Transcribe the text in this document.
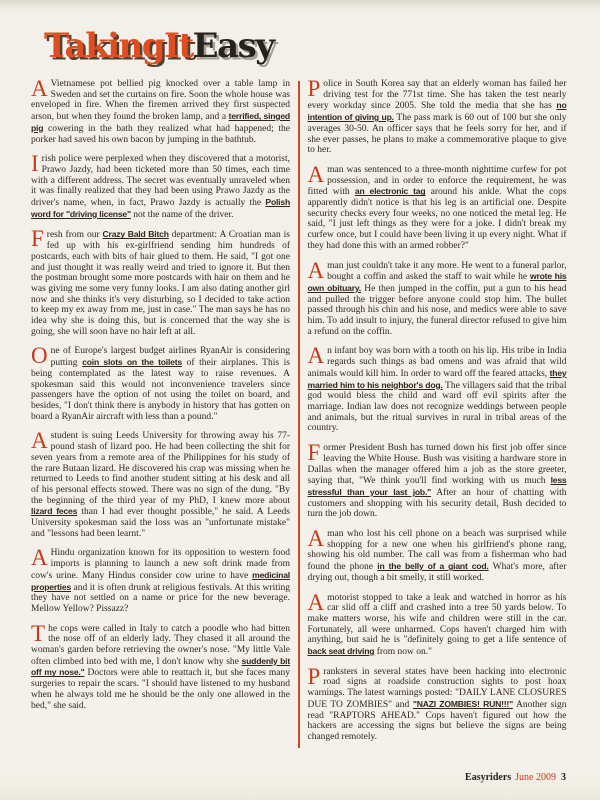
TakingItEasy

A Vietnamese pot bellied pig knocked over a table lamp in Sweden and set the curtains on fire. Soon the whole house was enveloped in fire. When the firemen arrived they first suspected arson, but when they found the broken lamp, and a terrified, singed pig cowering in the bath they realized what had happened; the porker had saved his own bacon by jumping in the bathtub.

Irish police were perplexed when they discovered that a motorist, Prawo Jazdy, had been ticketed more than 50 times, each time with a different address. The secret was eventually unraveled when it was finally realized that they had been using Prawo Jazdy as the driver's name, when, in fact, Prawo Jazdy is actually the Polish word for "driving license" not the name of the driver.

Fresh from our Crazy Bald Bitch department: A Croatian man is fed up with his ex-girlfriend sending him hundreds of postcards, each with bits of hair glued to them. He said, "I got one and just thought it was really weird and tried to ignore it. But then the postman brought some more postcards with hair on them and he was giving me some very funny looks. I am also dating another girl now and she thinks it's very disturbing, so I decided to take action to keep my ex away from me, just in case." The man says he has no idea why she is doing this, but is concerned that the way she is going, she will soon have no hair left at all.

One of Europe's largest budget airlines RyanAir is considering putting coin slots on the toilets of their airplanes. This is being contemplated as the latest way to raise revenues. A spokesman said this would not inconvenience travelers since passengers have the option of not using the toilet on board, and besides, "I don't think there is anybody in history that has gotten on board a RyanAir aircraft with less than a pound."

Astudent is suing Leeds University for throwing away his 77-pound stash of lizard poo. He had been collecting the shit for seven years from a remote area of the Philippines for his study of the rare Butaan lizard. He discovered his crap was missing when he returned to Leeds to find another student sitting at his desk and all of his personal effects stowed. There was no sign of the dung. "By the beginning of the third year of my PhD, I knew more about lizard feces than I had ever thought possible," he said. A Leeds University spokesman said the loss was an "unfortunate mistake" and "lessons had been learnt."

A Hindu organization known for its opposition to western food imports is planning to launch a new soft drink made from cow's urine. Many Hindus consider cow urine to have medicinal properties and it is often drunk at religious festivals. At this writing they have not settled on a name or price for the new beverage. Mellow Yellow? Pissazz?

The cops were called in Italy to catch a poodle who had bitten the nose off of an elderly lady. They chased it all around the woman's garden before retrieving the owner's nose. "My little Vale often climbed into bed with me, I don't know why she suddenly bit off my nose." Doctors were able to reattach it, but she faces many surgeries to repair the scars. "I should have listened to my husband when he always told me he should be the only one allowed in the bed," she said.

Police in South Korea say that an elderly woman has failed her driving test for the 771st time. She has taken the test nearly every workday since 2005. She told the media that she has no intention of giving up. The pass mark is 60 out of 100 but she only averages 30-50. An officer says that he feels sorry for her, and if she ever passes, he plans to make a commemorative plaque to give to her.

Aman was sentenced to a three-month nighttime curfew for pot possession, and in order to enforce the requirement, he was fitted with an electronic tag around his ankle. What the cops apparently didn't notice is that his leg is an artificial one. Despite security checks every four weeks, no one noticed the metal leg. He said, "I just left things as they were for a joke. I didn't break my curfew once, but I could have been living it up every night. What if they had done this with an armed robber?"

Aman just couldn't take it any more. He went to a funeral parlor, bought a coffin and asked the staff to wait while he wrote his own obituary. He then jumped in the coffin, put a gun to his head and pulled the trigger before anyone could stop him. The bullet passed through his chin and his nose, and medics were able to save him. To add insult to injury, the funeral director refused to give him a refund on the coffin.

An infant boy was born with a tooth on his lip. His tribe in India regards such things as bad omens and was afraid that wild animals would kill him. In order to ward off the feared attacks, they married him to his neighbor's dog. The villagers said that the tribal god would bless the child and ward off evil spirits after the marriage. Indian law does not recognize weddings between people and animals, but the ritual survives in rural in tribal areas of the country.

Former President Bush has turned down his first job offer since leaving the White House. Bush was visiting a hardware store in Dallas when the manager offered him a job as the store greeter, saying that, "We think you'll find working with us much less stressful than your last job." After an hour of chatting with customers and shopping with his security detail, Bush decided to turn the job down.

Aman who lost his cell phone on a beach was surprised while shopping for a new one when his girlfriend's phone rang, showing his old number. The call was from a fisherman who had found the phone in the belly of a giant cod. What's more, after drying out, though a bit smelly, it still worked.

Amotorist stopped to take a leak and watched in horror as his car slid off a cliff and crashed into a tree 50 yards below. To make matters worse, his wife and children were still in the car. Fortunately, all were unharmed. Cops haven't charged him with anything, but said he is "definitely going to get a life sentence of back seat driving from now on."

Pranksters in several states have been hacking into electronic road signs at roadside construction sights to post hoax warnings. The latest warnings posted: "DAILY LANE CLOSURES DUE TO ZOMBIES" and "NAZI ZOMBIES! RUN!!!" Another sign read "RAPTORS AHEAD." Cops haven't figured out how the hackers are accessing the signs but believe the signs are being changed remotely.

Easyriders June 2009 3
